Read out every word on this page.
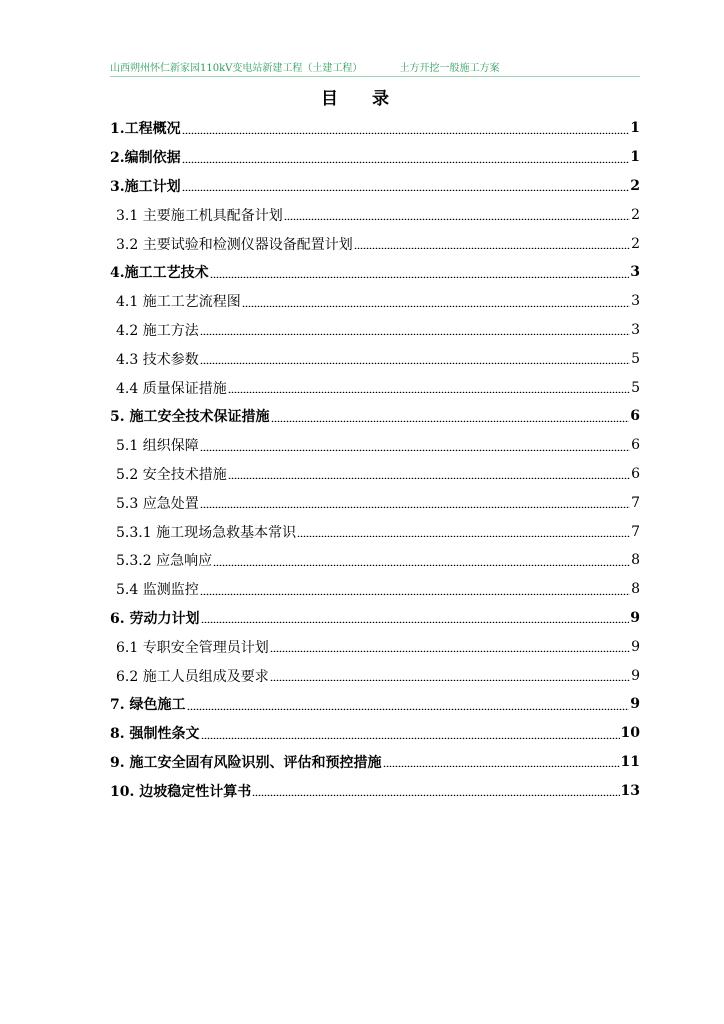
山西朔州怀仁新家园110kV变电站新建工程（土建工程）	土方开挖一般施工方案
目 录
1.工程概况	1
2.编制依据	1
3.施工计划	2
3.1 主要施工机具配备计划	2
3.2 主要试验和检测仪器设备配置计划	2
4.施工工艺技术	3
4.1 施工工艺流程图	3
4.2 施工方法	3
4.3 技术参数	5
4.4 质量保证措施	5
5. 施工安全技术保证措施	6
5.1 组织保障	6
5.2 安全技术措施	6
5.3 应急处置	7
5.3.1 施工现场急救基本常识	7
5.3.2 应急响应	8
5.4 监测监控	8
6. 劳动力计划	9
6.1 专职安全管理员计划	9
6.2 施工人员组成及要求	9
7. 绿色施工	9
8. 强制性条文	10
9. 施工安全固有风险识别、评估和预控措施	11
10. 边坡稳定性计算书	13
